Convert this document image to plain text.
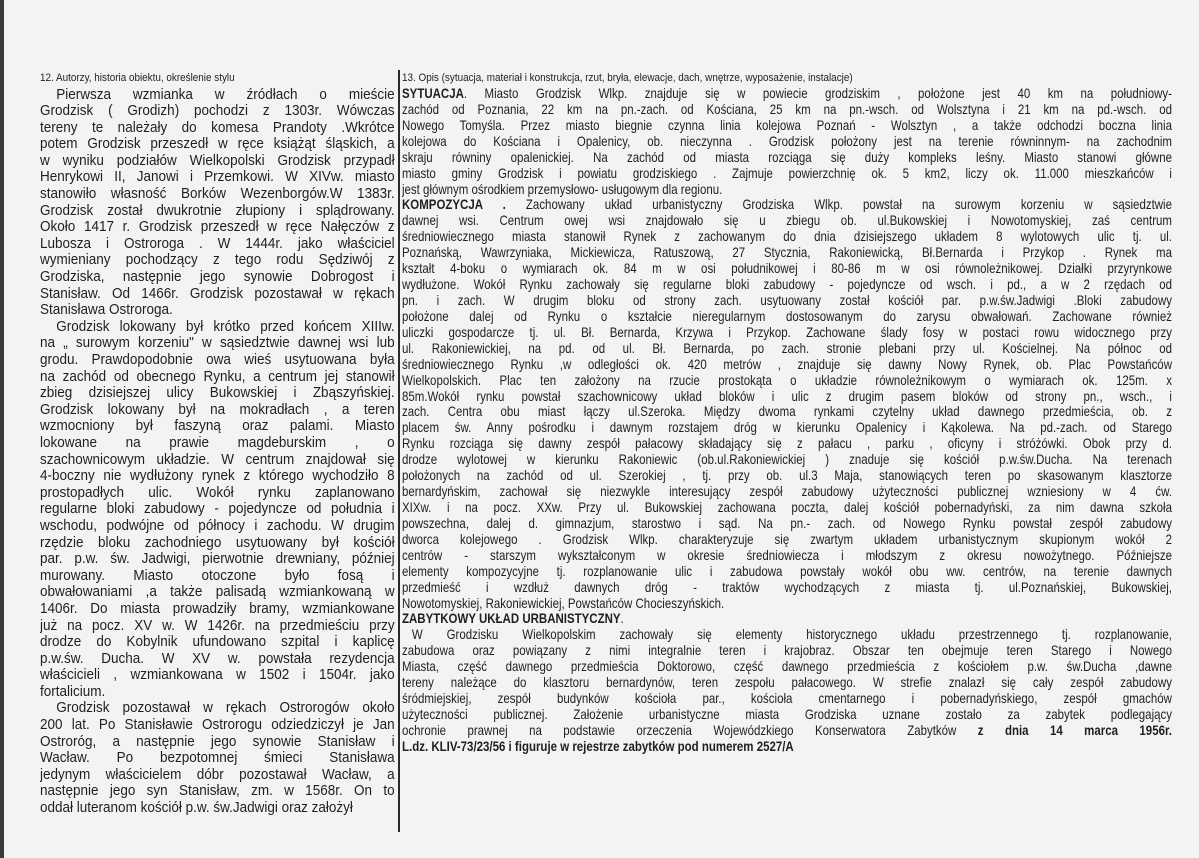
12. Autorzy, historia obiektu, określenie stylu	13. Opis (sytuacja, materiał i konstrukcja, rzut, bryła, elewacje, dach, wnętrze, wyposażenie, instalacje)
Pierwsza wzmianka w źródłach o mieście
Grodzisk ( Grodizh) pochodzi z 1303r. Wówczas
tereny te należały do komesa Prandoty .Wkrótce
potem Grodzisk przeszedł w ręce książąt śląskich, a
w wyniku podziałów Wielkopolski Grodzisk przypadł
Henrykowi II, Janowi i Przemkowi. W XIVw. miasto
stanowiło własność Borków Wezenborgów.W 1383r.
Grodzisk został dwukrotnie złupiony i splądrowany.
Około 1417 r. Grodzisk przeszedł w ręce Nałęczów z
Lubosza i Ostroroga . W 1444r. jako właściciel
wymieniany pochodzący z tego rodu Sędziwój z
Grodziska, następnie jego synowie Dobrogost i
Stanisław. Od 1466r. Grodzisk pozostawał w rękach
Stanisława Ostroroga.
Grodzisk lokowany był krótko przed końcem XIIIw.
na „ surowym korzeniu" w sąsiedztwie dawnej wsi lub
grodu. Prawdopodobnie owa wieś usytuowana była
na zachód od obecnego Rynku, a centrum jej stanowił
zbieg dzisiejszej ulicy Bukowskiej i Zbąszyńskiej.
Grodzisk lokowany był na mokradłach , a teren
wzmocniony był faszyną oraz palami. Miasto
lokowane na prawie magdeburskim , o
szachownicowym układzie. W centrum znajdował się
4-boczny nie wydłużony rynek z którego wychodziło 8
prostopadłych ulic. Wokół rynku zaplanowano
regularne bloki zabudowy - pojedyncze od południa i
wschodu, podwójne od północy i zachodu. W drugim
rzędzie bloku zachodniego usytuowany był kościół
par. p.w. św. Jadwigi, pierwotnie drewniany, później
murowany. Miasto otoczone było fosą i
obwałowaniami ,a także palisadą wzmiankowaną w
1406r. Do miasta prowadziły bramy, wzmiankowane
już na pocz. XV w. W 1426r. na przedmieściu przy
drodze do Kobylnik ufundowano szpital i kaplicę
p.w.św. Ducha. W XV w. powstała rezydencja
właścicieli , wzmiankowana w 1502 i 1504r. jako
fortalicium.
Grodzisk pozostawał w rękach Ostrorogów około
200 lat. Po Stanisławie Ostrorogu odziedziczył je Jan
Ostroróg, a następnie jego synowie Stanisław i
Wacław. Po bezpotomnej śmieci Stanisława
jedynym właścicielem dóbr pozostawał Wacław, a
następnie jego syn Stanisław, zm. w 1568r. On to
oddał luteranom kościół p.w. św.Jadwigi oraz założył
SYTUACJA. Miasto Grodzisk Wlkp. znajduje się w powiecie grodziskim , położone jest 40 km na południowy-
zachód od Poznania, 22 km na pn.-zach. od Kościana, 25 km na pn.-wsch. od Wolsztyna i 21 km na pd.-wsch. od
Nowego Tomyśla. Przez miasto biegnie czynna linia kolejowa Poznań - Wolsztyn , a także odchodzi boczna linia
kolejowa do Kościana i Opalenicy, ob. nieczynna . Grodzisk położony jest na terenie równinnym- na zachodnim
skraju równiny opalenickiej. Na zachód od miasta rozciąga się duży kompleks leśny. Miasto stanowi główne
miasto gminy Grodzisk i powiatu grodziskiego . Zajmuje powierzchnię ok. 5 km2, liczy ok. 11.000 mieszkańców i
jest głównym ośrodkiem przemysłowo- usługowym dla regionu.
KOMPOZYCJA . Zachowany układ urbanistyczny Grodziska Wlkp. powstał na surowym korzeniu w sąsiedztwie
dawnej wsi. Centrum owej wsi znajdowało się u zbiegu ob. ul.Bukowskiej i Nowotomyskiej, zaś centrum
średniowiecznego miasta stanowił Rynek z zachowanym do dnia dzisiejszego układem 8 wylotowych ulic tj. ul.
Poznańską, Wawrzyniaka, Mickiewicza, Ratuszową, 27 Stycznia, Rakoniewicką, Bł.Bernarda i Przykop . Rynek ma
kształt 4-boku o wymiarach ok. 84 m w osi południkowej i 80-86 m w osi równoleżnikowej. Działki przyrynkowe
wydłużone. Wokół Rynku zachowały się regularne bloki zabudowy - pojedyncze od wsch. i pd., a w 2 rzędach od
pn. i zach. W drugim bloku od strony zach. usytuowany został kościół par. p.w.św.Jadwigi .Bloki zabudowy
położone dalej od Rynku o kształcie nieregularnym dostosowanym do zarysu obwałowań. Zachowane również
uliczki gospodarcze tj. ul. Bł. Bernarda, Krzywa i Przykop. Zachowane ślady fosy w postaci rowu widocznego przy
ul. Rakoniewickiej, na pd. od ul. Bł. Bernarda, po zach. stronie plebani przy ul. Kościelnej. Na północ od
średniowiecznego Rynku ,w odległości ok. 420 metrów , znajduje się dawny Nowy Rynek, ob. Plac Powstańców
Wielkopolskich. Plac ten założony na rzucie prostokąta o układzie równoleżnikowym o wymiarach ok. 125m. x
85m.Wokół rynku powstał szachownicowy układ bloków i ulic z drugim pasem bloków od strony pn., wsch., i
zach. Centra obu miast łączy ul.Szeroka. Między dwoma rynkami czytelny układ dawnego przedmieścia, ob. z
placem św. Anny pośrodku i dawnym rozstajem dróg w kierunku Opalenicy i Kąkolewa. Na pd.-zach. od Starego
Rynku rozciąga się dawny zespół pałacowy składający się z pałacu , parku , oficyny i stróżówki. Obok przy d.
drodze wylotowej w kierunku Rakoniewic (ob.ul.Rakoniewickiej ) znaduje się kościół p.w.św.Ducha. Na terenach
położonych na zachód od ul. Szerokiej , tj. przy ob. ul.3 Maja, stanowiących teren po skasowanym klasztorze
bernardyńskim, zachował się niezwykle interesujący zespół zabudowy użyteczności publicznej wzniesiony w 4 ćw.
XIXw. i na pocz. XXw. Przy ul. Bukowskiej zachowana poczta, dalej kościół pobernadyński, za nim dawna szkoła
powszechna, dalej d. gimnazjum, starostwo i sąd. Na pn.- zach. od Nowego Rynku powstał zespół zabudowy
dworca kolejowego . Grodzisk Wlkp. charakteryzuje się zwartym układem urbanistycznym skupionym wokół 2
centrów - starszym wykształconym w okresie średniowiecza i młodszym z okresu nowożytnego. Późniejsze
elementy kompozycyjne tj. rozplanowanie ulic i zabudowa powstały wokół obu ww. centrów, na terenie dawnych
przedmieść i wzdłuż dawnych dróg - traktów wychodzących z miasta tj. ul.Poznańskiej, Bukowskiej,
Nowotomyskiej, Rakoniewickiej, Powstańców Chocieszyńskich.
ZABYTKOWY UKŁAD URBANISTYCZNY.
W Grodzisku Wielkopolskim zachowały się elementy historycznego układu przestrzennego tj. rozplanowanie,
zabudowa oraz powiązany z nimi integralnie teren i krajobraz. Obszar ten obejmuje teren Starego i Nowego
Miasta, część dawnego przedmieścia Doktorowo, część dawnego przedmieścia z kościołem p.w. św.Ducha ,dawne
tereny należące do klasztoru bernardynów, teren zespołu pałacowego. W strefie znalazł się cały zespół zabudowy
śródmiejskiej, zespół budynków kościoła par., kościoła cmentarnego i pobernadyńskiego, zespół gmachów
użyteczności publicznej. Założenie urbanistyczne miasta Grodziska uznane zostało za zabytek podlegający
ochronie prawnej na podstawie orzeczenia Wojewódzkiego Konserwatora Zabytków z dnia 14 marca 1956r.
L.dz. KLIV-73/23/56 i figuruje w rejestrze zabytków pod numerem 2527/A
